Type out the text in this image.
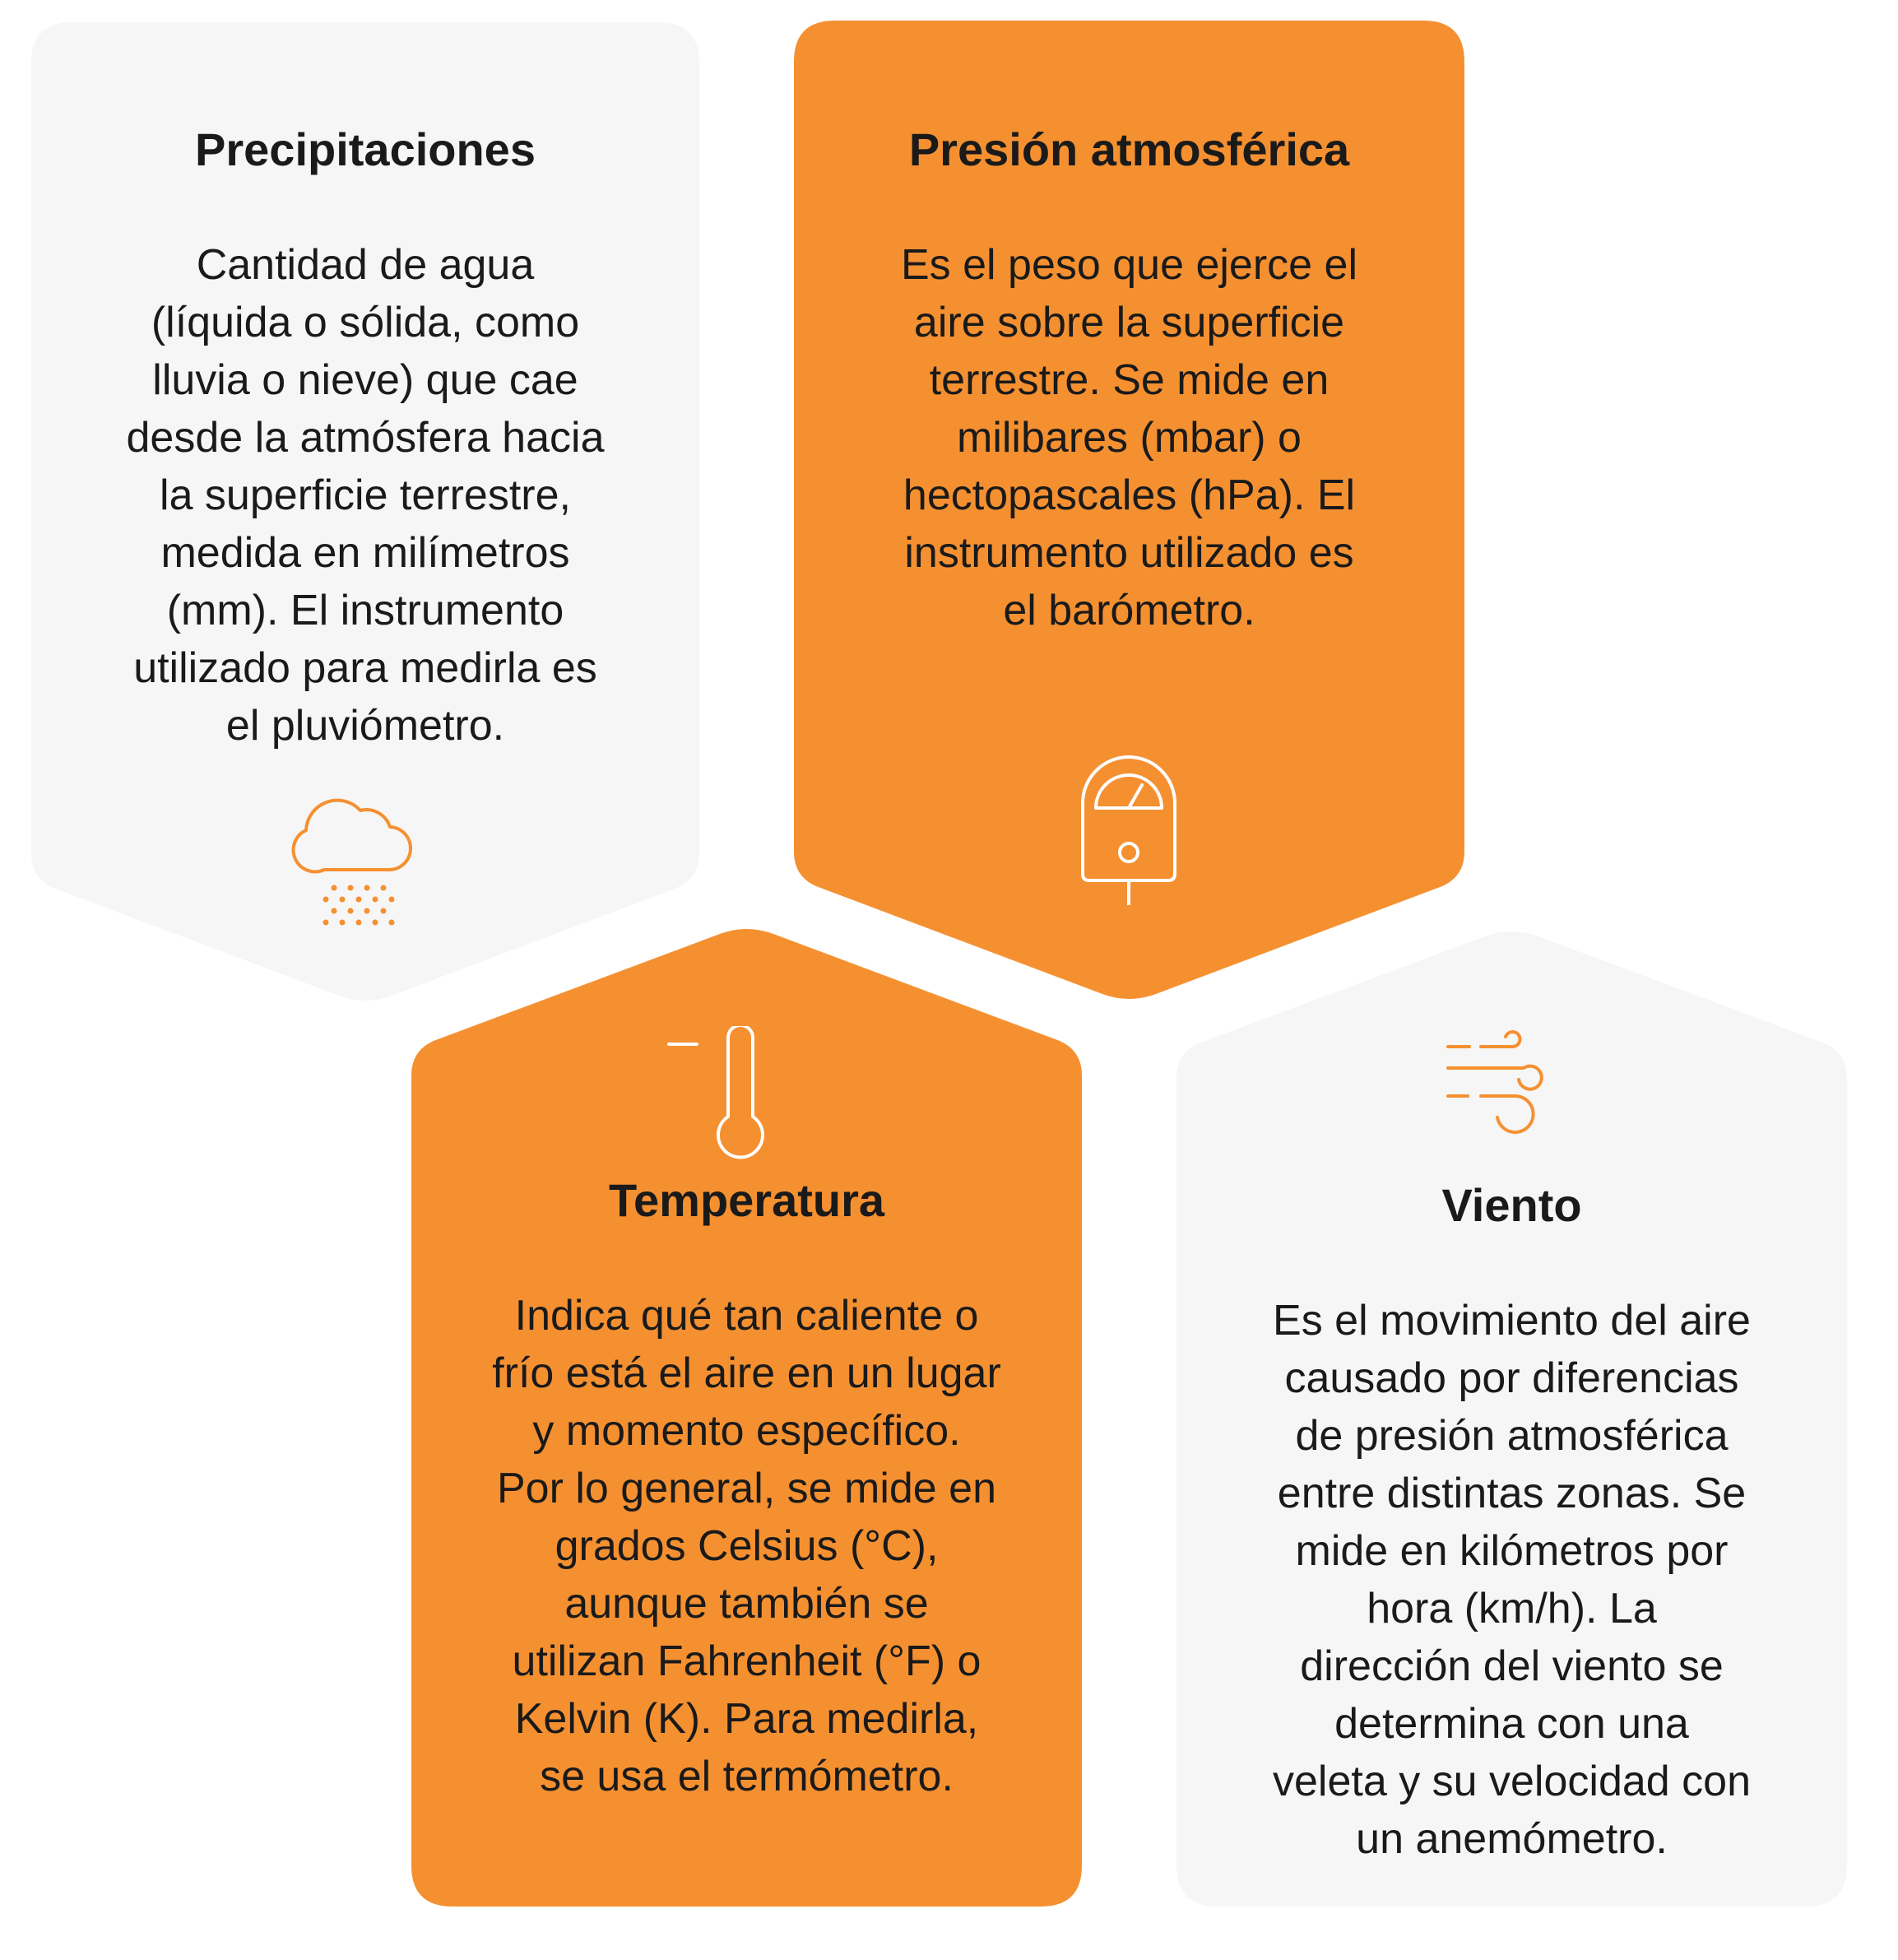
Precipitaciones

Cantidad de agua
(líquida o sólida, como
lluvia o nieve) que cae
desde la atmósfera hacia
la superficie terrestre,
medida en milímetros
(mm). El instrumento
utilizado para medirla es
el pluviómetro.

Presión atmosférica

Es el peso que ejerce el
aire sobre la superficie
terrestre. Se mide en
milibares (mbar) o
hectopascales (hPa). El
instrumento utilizado es
el barómetro.

Temperatura

Indica qué tan caliente o
frío está el aire en un lugar
y momento específico.
Por lo general, se mide en
grados Celsius (°C),
aunque también se
utilizan Fahrenheit (°F) o
Kelvin (K). Para medirla,
se usa el termómetro.

Viento

Es el movimiento del aire
causado por diferencias
de presión atmosférica
entre distintas zonas. Se
mide en kilómetros por
hora (km/h). La
dirección del viento se
determina con una
veleta y su velocidad con
un anemómetro.
